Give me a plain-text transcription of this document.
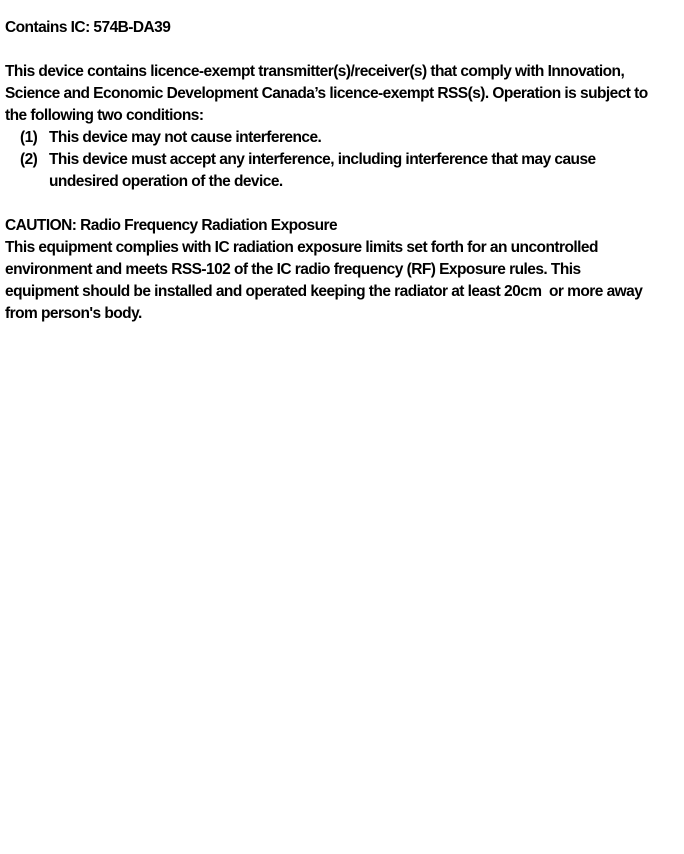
Contains IC: 574B-DA39
This device contains licence-exempt transmitter(s)/receiver(s) that comply with Innovation,
Science and Economic Development Canada’s licence-exempt RSS(s). Operation is subject to
the following two conditions:
(1) This device may not cause interference.
(2) This device must accept any interference, including interference that may cause
undesired operation of the device.
CAUTION: Radio Frequency Radiation Exposure
This equipment complies with IC radiation exposure limits set forth for an uncontrolled
environment and meets RSS-102 of the IC radio frequency (RF) Exposure rules. This
equipment should be installed and operated keeping the radiator at least 20cm  or more away
from person's body.
